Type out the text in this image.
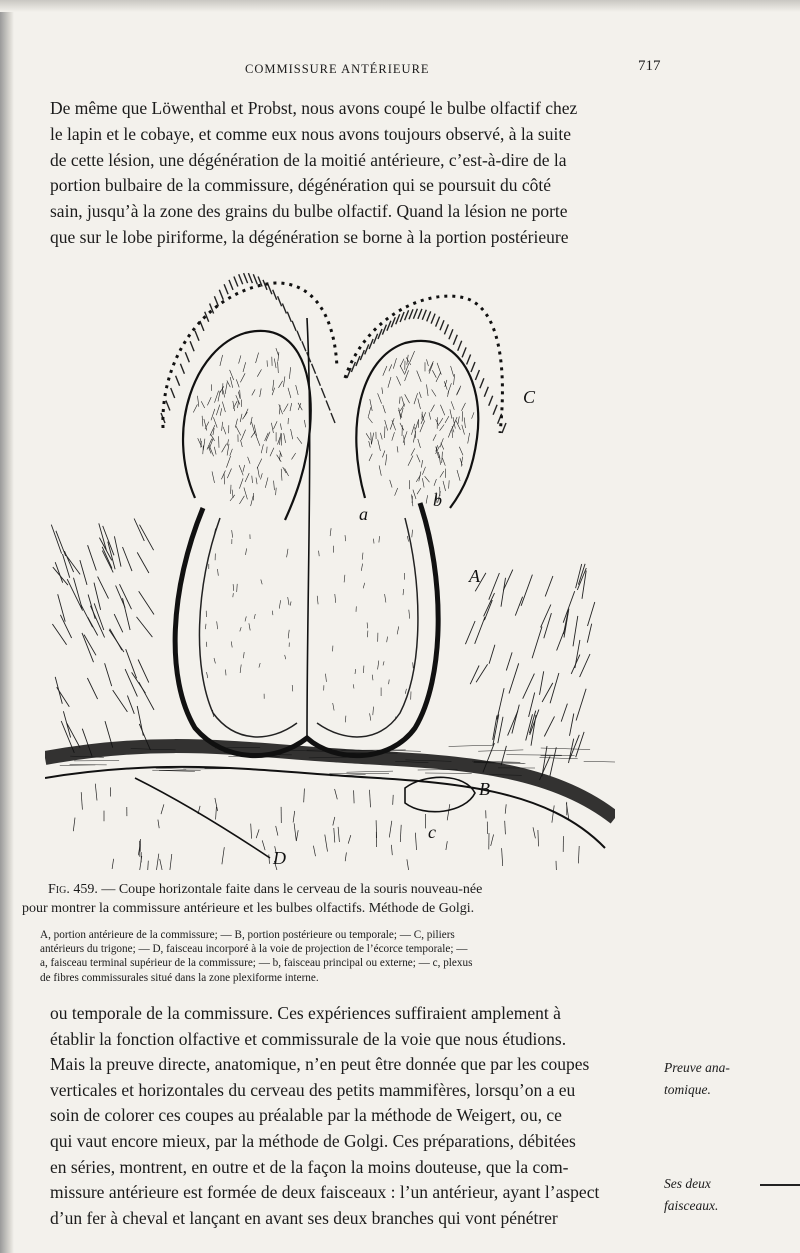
COMMISSURE ANTÉRIEURE	717

De même que Löwenthal et Probst, nous avons coupé le bulbe olfactif chez
le lapin et le cobaye, et comme eux nous avons toujours observé, à la suite
de cette lésion, une dégénération de la moitié antérieure, c’est-à-dire de la
portion bulbaire de la commissure, dégénération qui se poursuit du côté
sain, jusqu’à la zone des grains du bulbe olfactif. Quand la lésion ne porte
que sur le lobe piriforme, la dégénération se borne à la portion postérieure

C
b
a
A
B
c
D
Fig. 459. — Coupe horizontale faite dans le cerveau de la souris nouveau-née
pour montrer la commissure antérieure et les bulbes olfactifs. Méthode de Golgi.
A, portion antérieure de la commissure; — B, portion postérieure ou temporale; — C, piliers
antérieurs du trigone; — D, faisceau incorporé à la voie de projection de l’écorce temporale; —
a, faisceau terminal supérieur de la commissure; — b, faisceau principal ou externe; — c, plexus
de fibres commissurales situé dans la zone plexiforme interne.

ou temporale de la commissure. Ces expériences suffiraient amplement à
établir la fonction olfactive et commissurale de la voie que nous étudions.
Mais la preuve directe, anatomique, n’en peut être donnée que par les coupes
verticales et horizontales du cerveau des petits mammifères, lorsqu’on a eu
soin de colorer ces coupes au préalable par la méthode de Weigert, ou, ce
qui vaut encore mieux, par la méthode de Golgi. Ces préparations, débitées
en séries, montrent, en outre et de la façon la moins douteuse, que la com-
missure antérieure est formée de deux faisceaux : l’un antérieur, ayant l’aspect
d’un fer à cheval et lançant en avant ses deux branches qui vont pénétrer

Preuve ana-
tomique.
Ses deux
faisceaux.
